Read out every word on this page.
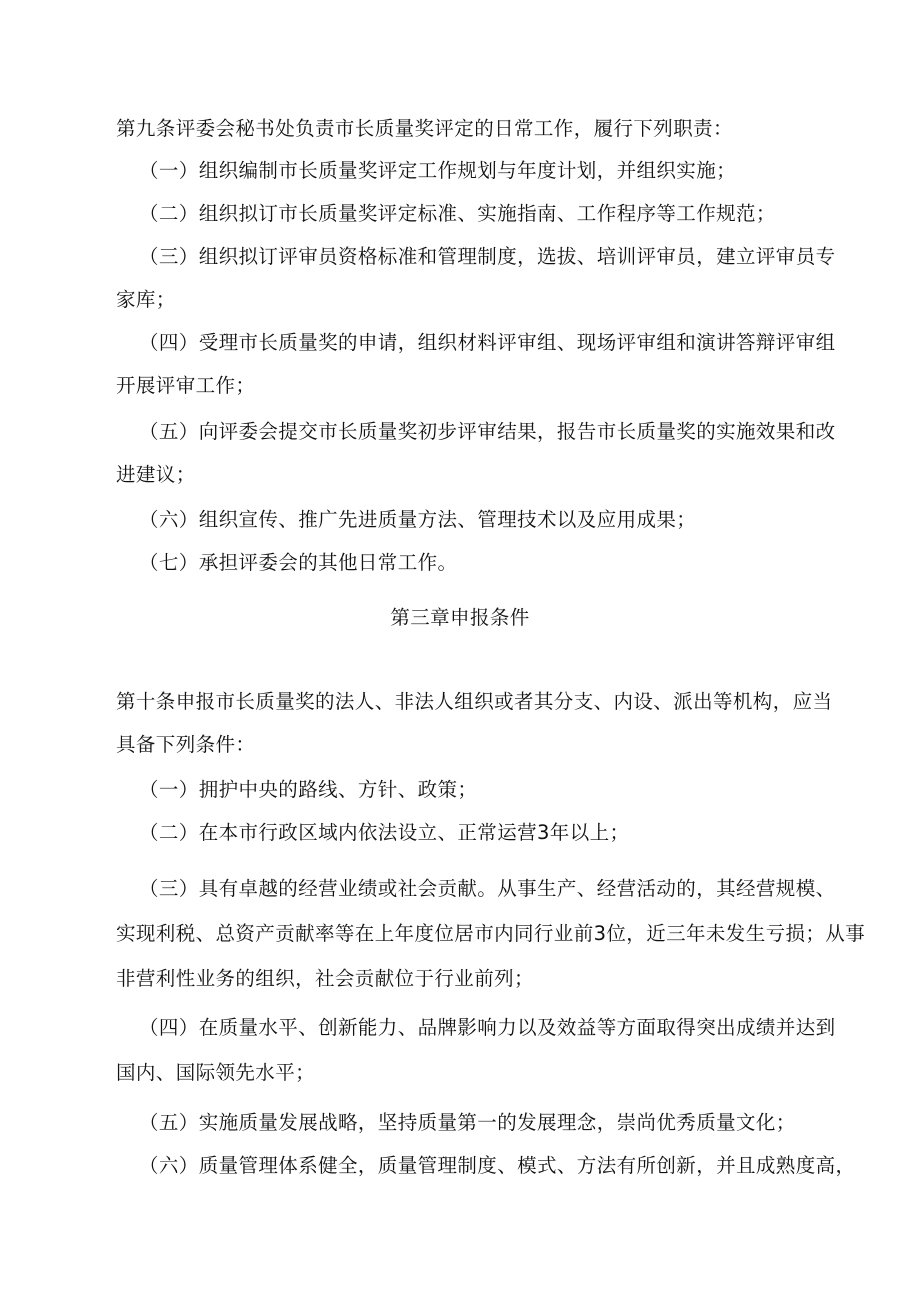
第九条评委会秘书处负责市长质量奖评定的日常工作，履行下列职责：
（一）组织编制市长质量奖评定工作规划与年度计划，并组织实施；
（二）组织拟订市长质量奖评定标准、实施指南、工作程序等工作规范；
（三）组织拟订评审员资格标准和管理制度，选拔、培训评审员，建立评审员专
家库；
（四）受理市长质量奖的申请，组织材料评审组、现场评审组和演讲答辩评审组
开展评审工作；
（五）向评委会提交市长质量奖初步评审结果，报告市长质量奖的实施效果和改
进建议；
（六）组织宣传、推广先进质量方法、管理技术以及应用成果；
（七）承担评委会的其他日常工作。
第三章申报条件
第十条申报市长质量奖的法人、非法人组织或者其分支、内设、派出等机构，应当
具备下列条件：
（一）拥护中央的路线、方针、政策；
（二）在本市行政区域内依法设立、正常运营3年以上；
（三）具有卓越的经营业绩或社会贡献。从事生产、经营活动的，其经营规模、
实现利税、总资产贡献率等在上年度位居市内同行业前3位，近三年未发生亏损；从事
非营利性业务的组织，社会贡献位于行业前列；
（四）在质量水平、创新能力、品牌影响力以及效益等方面取得突出成绩并达到
国内、国际领先水平；
（五）实施质量发展战略，坚持质量第一的发展理念，崇尚优秀质量文化；
（六）质量管理体系健全，质量管理制度、模式、方法有所创新，并且成熟度高，
